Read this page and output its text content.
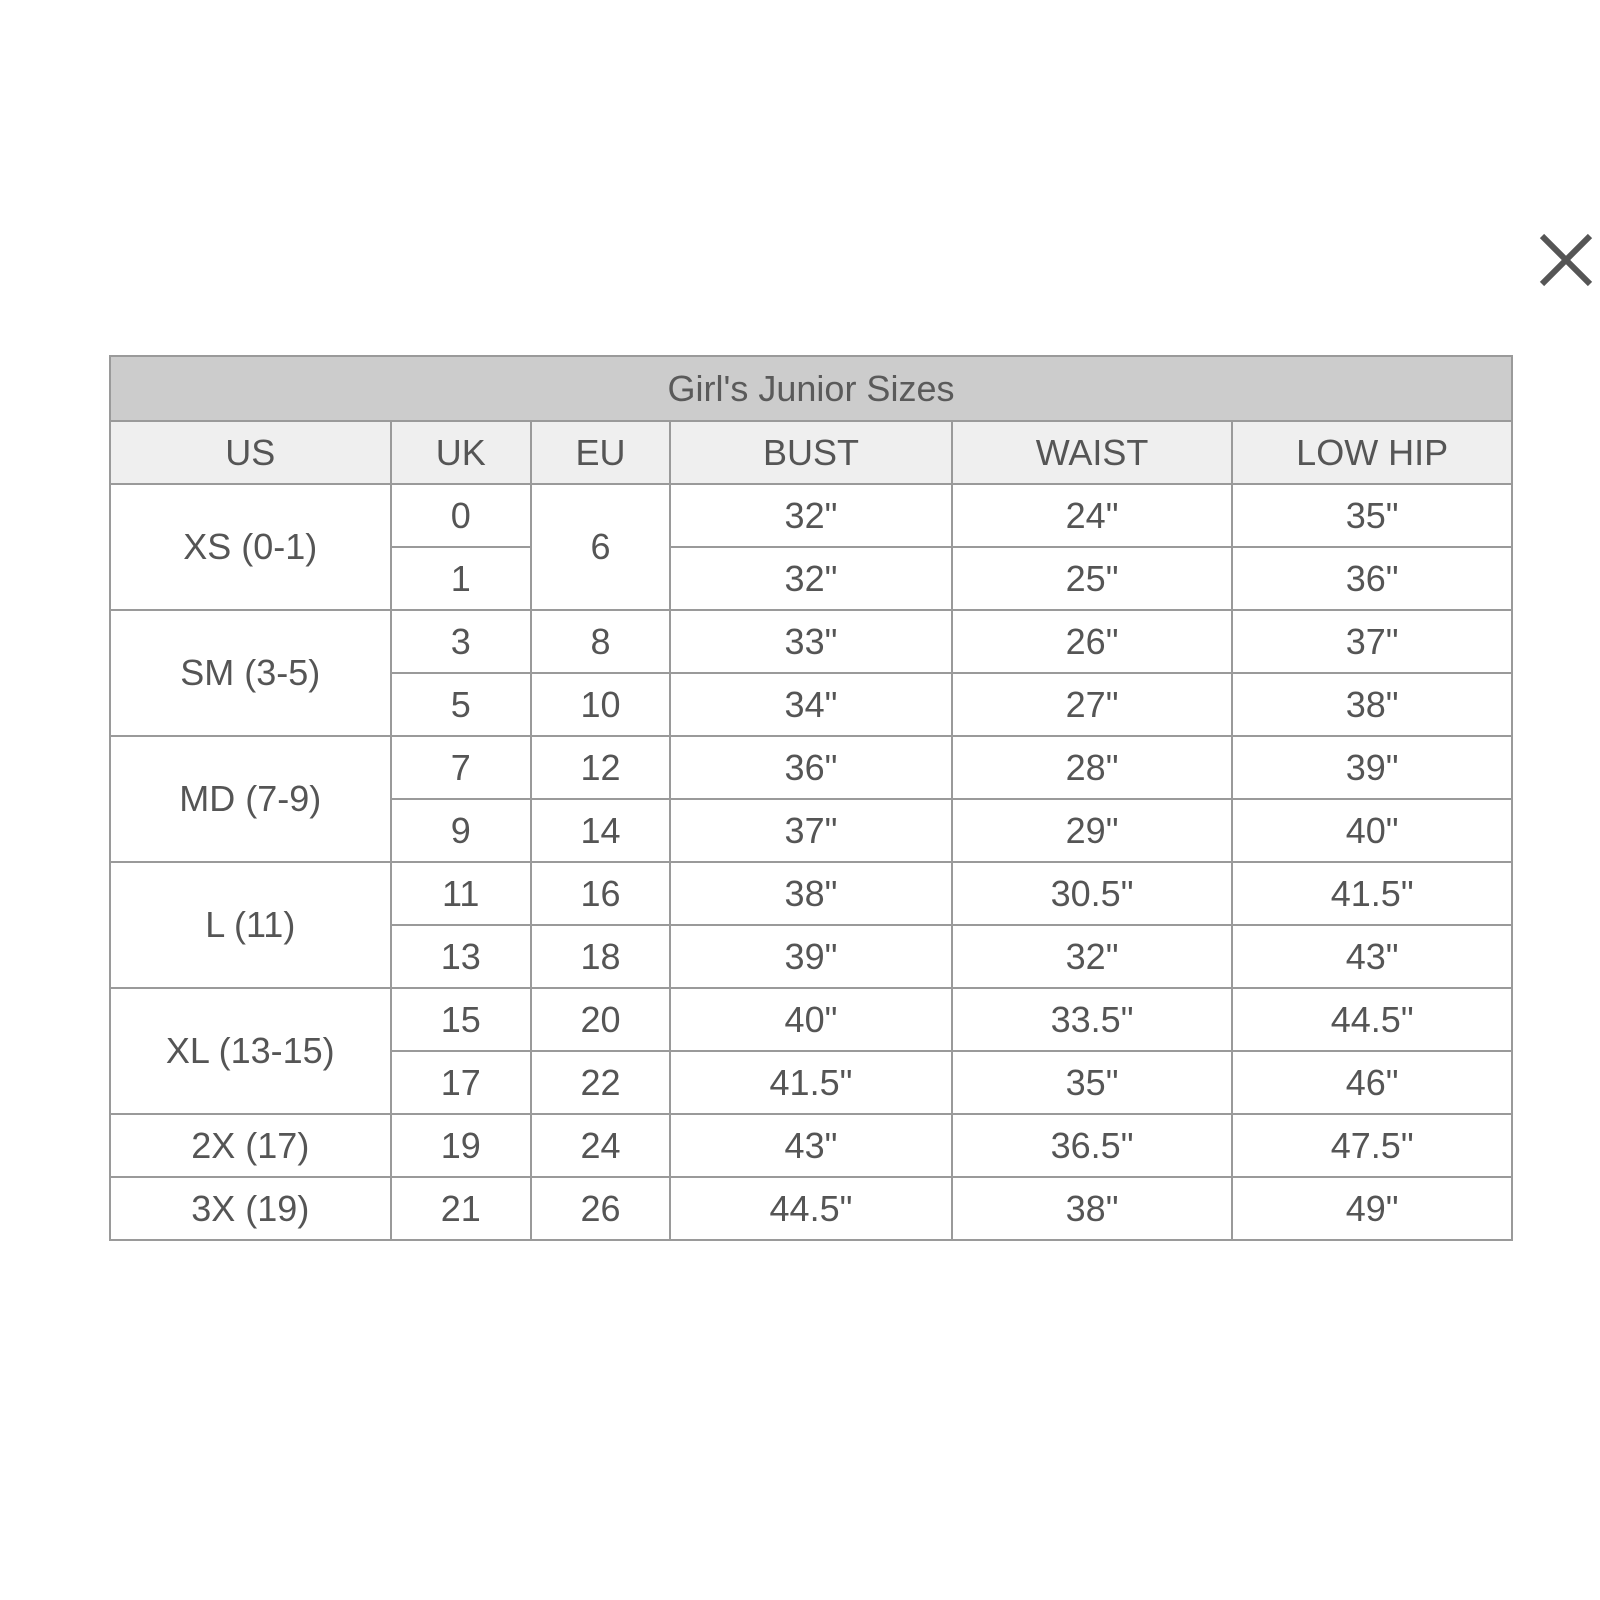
Girl's Junior Sizes					
US	UK	EU	BUST	WAIST	LOW HIP
XS (0-1)	0	6	32"	24"	35"
	1		32"	25"	36"
SM (3-5)	3	8	33"	26"	37"
	5	10	34"	27"	38"
MD (7-9)	7	12	36"	28"	39"
	9	14	37"	29"	40"
L (11)	11	16	38"	30.5"	41.5"
	13	18	39"	32"	43"
XL (13-15)	15	20	40"	33.5"	44.5"
	17	22	41.5"	35"	46"
2X (17)	19	24	43"	36.5"	47.5"
3X (19)	21	26	44.5"	38"	49"
